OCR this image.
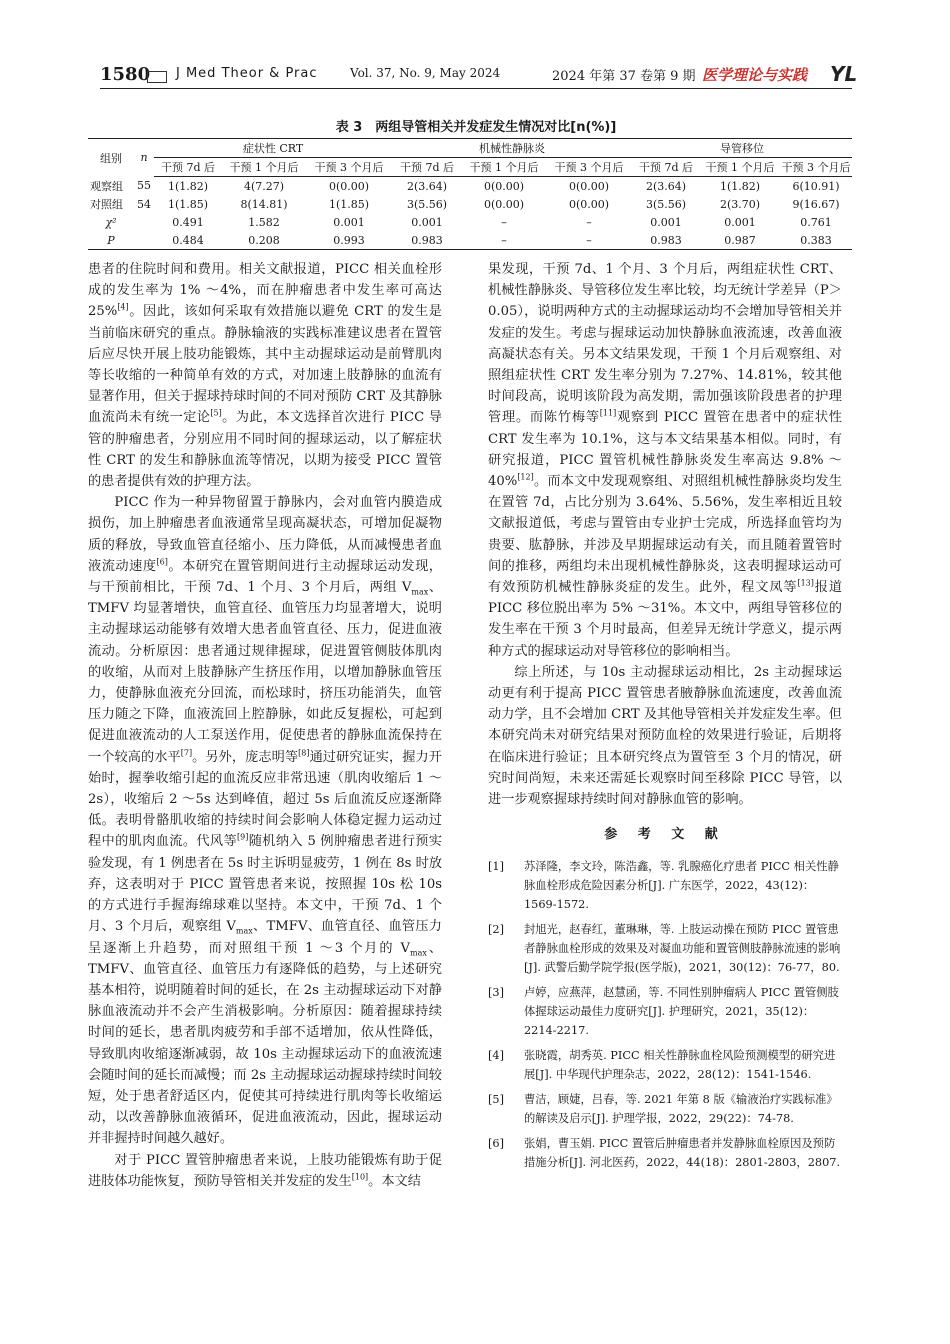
1580 J Med Theor & Prac	Vol. 37, No. 9, May 2024	2024 年第 37 卷第 9 期 医学理论与实践 YL
表 3　两组导管相关并发症发生情况对比[n(%)]
组别	n	症状性 CRT			机械性静脉炎			导管移位		
		干预 7d 后	干预 1 个月后	干预 3 个月后	干预 7d 后	干预 1 个月后	干预 3 个月后	干预 7d 后	干预 1 个月后	干预 3 个月后
观察组	55	1(1.82)	4(7.27)	0(0.00)	2(3.64)	0(0.00)	0(0.00)	2(3.64)	1(1.82)	6(10.91)
对照组	54	1(1.85)	8(14.81)	1(1.85)	3(5.56)	0(0.00)	0(0.00)	3(5.56)	2(3.70)	9(16.67)
χ²		0.491	1.582	0.001	0.001	–	–	0.001	0.001	0.761
P		0.484	0.208	0.993	0.983	–	–	0.983	0.987	0.383

患者的住院时间和费用。相关文献报道，PICC 相关血栓形成的发生率为 1% ～4%，而在肿瘤患者中发生率可高达 25%[4]。因此，该如何采取有效措施以避免 CRT 的发生是当前临床研究的重点。静脉输液的实践标准建议患者在置管后应尽快开展上肢功能锻炼，其中主动握球运动是前臂肌肉等长收缩的一种简单有效的方式，对加速上肢静脉的血流有显著作用，但关于握球持球时间的不同对预防 CRT 及其静脉血流尚未有统一定论[5]。为此，本文选择首次进行 PICC 导管的肿瘤患者，分别应用不同时间的握球运动，以了解症状性 CRT 的发生和静脉血流等情况，以期为接受 PICC 置管的患者提供有效的护理方法。

PICC 作为一种异物留置于静脉内，会对血管内膜造成损伤，加上肿瘤患者血液通常呈现高凝状态，可增加促凝物质的释放，导致血管直径缩小、压力降低，从而减慢患者血液流动速度[6]。本研究在置管期间进行主动握球运动发现，与干预前相比，干预 7d、1 个月、3 个月后，两组 $V_{max}$、TMFV 均显著增快，血管直径、血管压力均显著增大，说明主动握球运动能够有效增大患者血管直径、压力，促进血液流动。分析原因：患者通过规律握球，促进置管侧肢体肌肉的收缩，从而对上肢静脉产生挤压作用，以增加静脉血管压力，使静脉血液充分回流，而松球时，挤压功能消失，血管压力随之下降，血液流回上腔静脉，如此反复握松，可起到促进血液流动的人工泵送作用，促使患者的静脉血流保持在一个较高的水平[7]。另外，庞志明等[8]通过研究证实，握力开始时，握拳收缩引起的血流反应非常迅速（肌肉收缩后 1 ～2s），收缩后 2 ～5s 达到峰值，超过 5s 后血流反应逐渐降低。表明骨骼肌收缩的持续时间会影响人体稳定握力运动过程中的肌肉血流。代风等[9]随机纳入 5 例肿瘤患者进行预实验发现，有 1 例患者在 5s 时主诉明显疲劳，1 例在 8s 时放弃，这表明对于 PICC 置管患者来说，按照握 10s 松 10s 的方式进行手握海绵球难以坚持。本文中，干预 7d、1 个月、3 个月后，观察组 $V_{max}$、TMFV、血管直径、血管压力呈逐渐上升趋势，而对照组干预 1 ～3 个月的 $V_{max}$、TMFV、血管直径、血管压力有逐降低的趋势，与上述研究基本相符，说明随着时间的延长，在 2s 主动握球运动下对静脉血液流动并不会产生消极影响。分析原因：随着握球持续时间的延长，患者肌肉疲劳和手部不适增加，依从性降低，导致肌肉收缩逐渐减弱，故 10s 主动握球运动下的血液流速会随时间的延长而减慢；而 2s 主动握球运动握球持续时间较短，处于患者舒适区内，促使其可持续进行肌肉等长收缩运动，以改善静脉血液循环，促进血液流动，因此，握球运动并非握持时间越久越好。

对于 PICC 置管肿瘤患者来说，上肢功能锻炼有助于促进肢体功能恢复，预防导管相关并发症的发生[10]。本文结

果发现，干预 7d、1 个月、3 个月后，两组症状性 CRT、机械性静脉炎、导管移位发生率比较，均无统计学差异（P＞0.05），说明两种方式的主动握球运动均不会增加导管相关并发症的发生。考虑与握球运动加快静脉血液流速，改善血液高凝状态有关。另本文结果发现，干预 1 个月后观察组、对照组症状性 CRT 发生率分别为 7.27%、14.81%，较其他时间段高，说明该阶段为高发期，需加强该阶段患者的护理管理。而陈竹梅等[11]观察到 PICC 置管在患者中的症状性 CRT 发生率为 10.1%，这与本文结果基本相似。同时，有研究报道，PICC 置管机械性静脉炎发生率高达 9.8% ～40%[12]。而本文中发现观察组、对照组机械性静脉炎均发生在置管 7d，占比分别为 3.64%、5.56%，发生率相近且较文献报道低，考虑与置管由专业护士完成，所选择血管均为贵要、肱静脉，并涉及早期握球运动有关，而且随着置管时间的推移，两组均未出现机械性静脉炎，这表明握球运动可有效预防机械性静脉炎症的发生。此外，程文凤等[13]报道 PICC 移位脱出率为 5% ～31%。本文中，两组导管移位的发生率在干预 3 个月时最高，但差异无统计学意义，提示两种方式的握球运动对导管移位的影响相当。

综上所述，与 10s 主动握球运动相比，2s 主动握球运动更有利于提高 PICC 置管患者腋静脉血流速度，改善血流动力学，且不会增加 CRT 及其他导管相关并发症发生率。但本研究尚未对研究结果对预防血栓的效果进行验证，后期将在临床进行验证；且本研究终点为置管至 3 个月的情况，研究时间尚短，未来还需延长观察时间至移除 PICC 导管，以进一步观察握球持续时间对静脉血管的影响。

参 考 文 献
[1] 苏泽隆，李文玲，陈浩鑫，等. 乳腺癌化疗患者 PICC 相关性静脉血栓形成危险因素分析[J]. 广东医学，2022，43(12)：1569-1572.
[2] 封旭光，赵春红，董琳琳，等. 上肢运动操在预防 PICC 置管患者静脉血栓形成的效果及对凝血功能和置管侧肢静脉流速的影响[J]. 武警后勤学院学报(医学版)，2021，30(12)：76-77，80.
[3] 卢婷，应燕萍，赵慧函，等. 不同性别肿瘤病人 PICC 置管侧肢体握球运动最佳力度研究[J]. 护理研究，2021，35(12)：2214-2217.
[4] 张晓霞，胡秀英. PICC 相关性静脉血栓风险预测模型的研究进展[J]. 中华现代护理杂志，2022，28(12)：1541-1546.
[5] 曹洁，顾婕，吕春，等. 2021 年第 8 版《输液治疗实践标准》的解读及启示[J]. 护理学报，2022，29(22)：74-78.
[6] 张娟，曹玉娟. PICC 置管后肿瘤患者并发静脉血栓原因及预防措施分析[J]. 河北医药，2022，44(18)：2801-2803，2807.
